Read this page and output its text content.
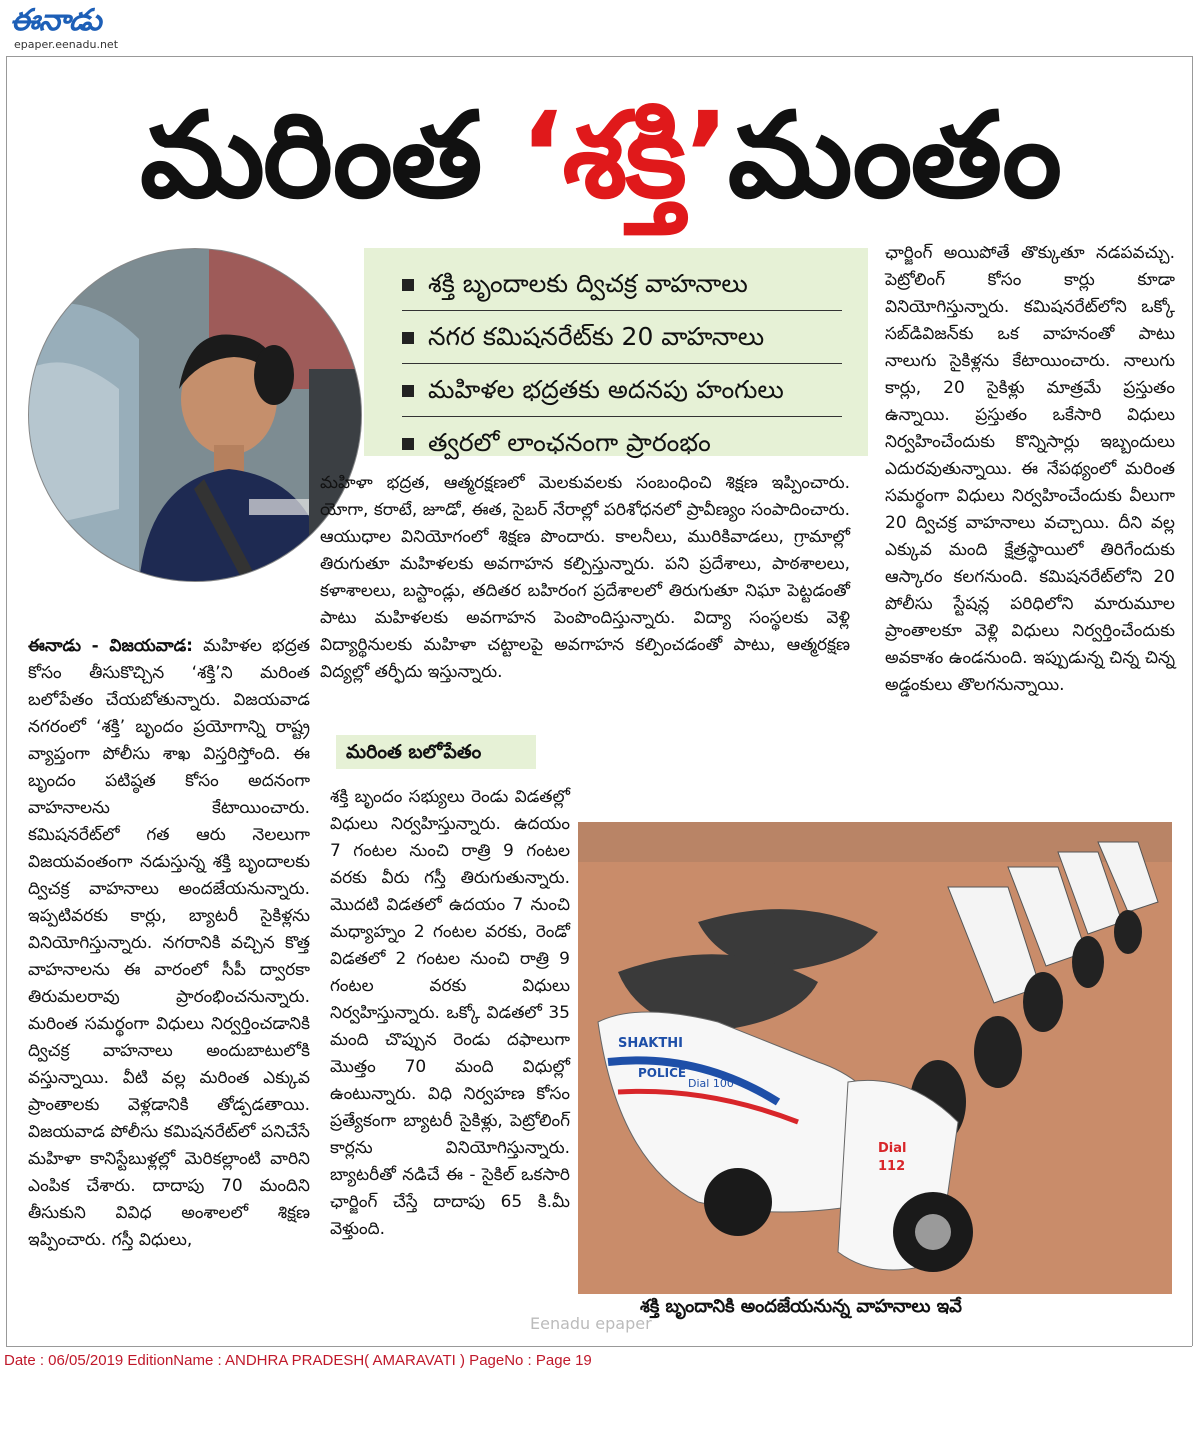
ఈనాడు
epaper.eenadu.net
మరింత ‘శక్తి’మంతం
శక్తి బృందాలకు ద్విచక్ర వాహనాలు
నగర కమిషనరేట్‌కు 20 వాహనాలు
మహిళల భద్రతకు అదనపు హంగులు
త్వరలో లాంఛనంగా ప్రారంభం
మహిళా భద్రత, ఆత్మరక్షణలో మెలకువలకు సంబంధించి శిక్షణ ఇప్పించారు. యోగా, కరాటే, జూడో, ఈత, సైబర్ నేరాల్లో పరిశోధనలో ప్రావీణ్యం సంపాదించారు. ఆయుధాల వినియోగంలో శిక్షణ పొందారు. కాలనీలు, మురికివాడలు, గ్రామాల్లో తిరుగుతూ మహిళలకు అవగాహన కల్పిస్తున్నారు. పని ప్రదేశాలు, పాఠశాలలు, కళాశాలలు, బస్టాండ్లు, తదితర బహిరంగ ప్రదేశాలలో తిరుగుతూ నిఘా పెట్టడంతో పాటు మహిళలకు అవగాహన పెంపొందిస్తున్నారు. విద్యా సంస్థలకు వెళ్లి విద్యార్థినులకు మహిళా చట్టాలపై అవగాహన కల్పించడంతో పాటు, ఆత్మరక్షణ విద్యల్లో తర్ఫీదు ఇస్తున్నారు.
ఈనాడు - విజయవాడ: మహిళల భద్రత కోసం తీసుకొచ్చిన ‘శక్తి’ని మరింత బలోపేతం చేయబోతున్నారు. విజయవాడ నగరంలో ‘శక్తి’ బృందం ప్రయోగాన్ని రాష్ట్ర వ్యాప్తంగా పోలీసు శాఖ విస్తరిస్తోంది. ఈ బృందం పటిష్ఠత కోసం అదనంగా వాహనాలను కేటాయించారు. కమిషనరేట్‌లో గత ఆరు నెలలుగా విజయవంతంగా నడుస్తున్న శక్తి బృందాలకు ద్విచక్ర వాహనాలు అందజేయనున్నారు. ఇప్పటివరకు కార్లు, బ్యాటరీ సైకిళ్లను వినియోగిస్తున్నారు. నగరానికి వచ్చిన కొత్త వాహనాలను ఈ వారంలో సీపీ ద్వారకా తిరుమలరావు ప్రారంభించనున్నారు. మరింత సమర్థంగా విధులు నిర్వర్తించడానికి ద్విచక్ర వాహనాలు అందుబాటులోకి వస్తున్నాయి. వీటి వల్ల మరింత ఎక్కువ ప్రాంతాలకు వెళ్లడానికి తోడ్పడతాయి. విజయవాడ పోలీసు కమిషనరేట్‌లో పనిచేసే మహిళా కానిస్టేబుళ్లల్లో మెరికల్లాంటి వారిని ఎంపిక చేశారు. దాదాపు 70 మందిని తీసుకుని వివిధ అంశాలలో శిక్షణ ఇప్పించారు. గస్తీ విధులు,
మరింత బలోపేతం
శక్తి బృందం సభ్యులు రెండు విడతల్లో విధులు నిర్వహిస్తున్నారు. ఉదయం 7 గంటల నుంచి రాత్రి 9 గంటల వరకు వీరు గస్తీ తిరుగుతున్నారు. మొదటి విడతలో ఉదయం 7 నుంచి మధ్యాహ్నం 2 గంటల వరకు, రెండో విడతలో 2 గంటల నుంచి రాత్రి 9 గంటల వరకు విధులు నిర్వహిస్తున్నారు. ఒక్కో విడతలో 35 మంది చొప్పున రెండు దఫాలుగా మొత్తం 70 మంది విధుల్లో ఉంటున్నారు. విధి నిర్వహణ కోసం ప్రత్యేకంగా బ్యాటరీ సైకిళ్లు, పెట్రోలింగ్ కార్లను వినియోగిస్తున్నారు. బ్యాటరీతో నడిచే ఈ - సైకిల్ ఒకసారి ఛార్జింగ్ చేస్తే దాదాపు 65 కి.మీ వెళ్తుంది.
ఛార్జింగ్ అయిపోతే తొక్కుతూ నడపవచ్చు. పెట్రోలింగ్ కోసం కార్లు కూడా వినియోగిస్తున్నారు. కమిషనరేట్‌లోని ఒక్కో సబ్‌డివిజన్‌కు ఒక వాహనంతో పాటు నాలుగు సైకిళ్లను కేటాయించారు. నాలుగు కార్లు, 20 సైకిళ్లు మాత్రమే ప్రస్తుతం ఉన్నాయి. ప్రస్తుతం ఒకేసారి విధులు నిర్వహించేందుకు కొన్నిసార్లు ఇబ్బందులు ఎదురవుతున్నాయి. ఈ నేపథ్యంలో మరింత సమర్థంగా విధులు నిర్వహించేందుకు వీలుగా 20 ద్విచక్ర వాహనాలు వచ్చాయి. దీని వల్ల ఎక్కువ మంది క్షేత్రస్థాయిలో తిరిగేందుకు ఆస్కారం కలగనుంది. కమిషనరేట్‌లోని 20 పోలీసు స్టేషన్ల పరిధిలోని మారుమూల ప్రాంతాలకూ వెళ్లి విధులు నిర్వర్తించేందుకు అవకాశం ఉండనుంది. ఇప్పుడున్న చిన్న చిన్న అడ్డంకులు తొలగనున్నాయి.
SHAKTHI
POLICE
Dial 100
Dial
112
శక్తి బృందానికి అందజేయనున్న వాహనాలు ఇవే
Eenadu epaper
Date : 06/05/2019 EditionName : ANDHRA PRADESH( AMARAVATI ) PageNo : Page 19
